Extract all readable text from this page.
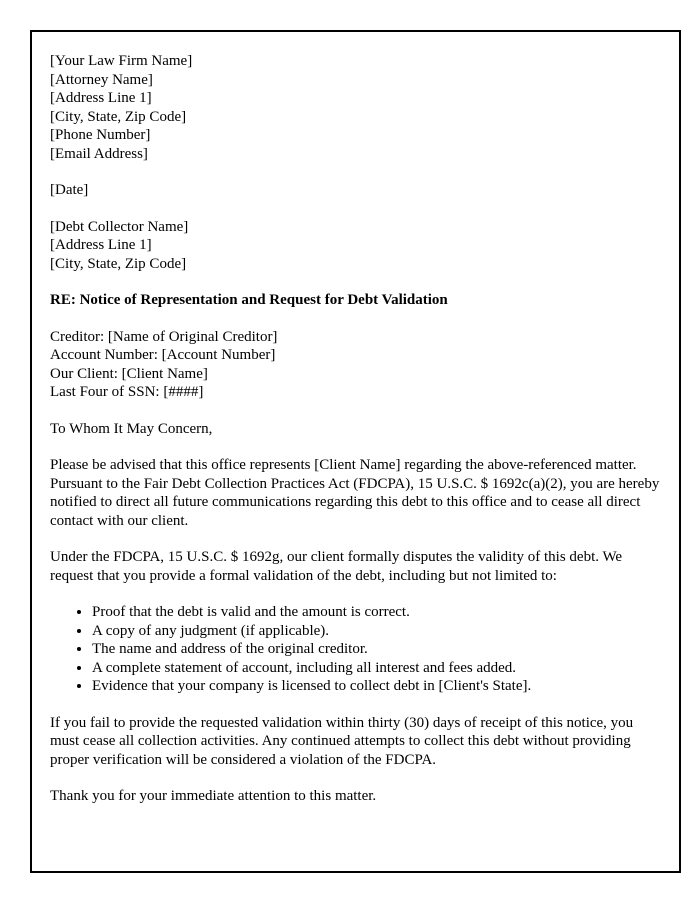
[Your Law Firm Name]
[Attorney Name]
[Address Line 1]
[City, State, Zip Code]
[Phone Number]
[Email Address]
[Date]
[Debt Collector Name]
[Address Line 1]
[City, State, Zip Code]
RE: Notice of Representation and Request for Debt Validation
Creditor: [Name of Original Creditor]
Account Number: [Account Number]
Our Client: [Client Name]
Last Four of SSN: [####]

To Whom It May Concern,

Please be advised that this office represents [Client Name] regarding the above-referenced matter. Pursuant to the Fair Debt Collection Practices Act (FDCPA), 15 U.S.C. $ 1692c(a)(2), you are hereby notified to direct all future communications regarding this debt to this office and to cease all direct contact with our client.

Under the FDCPA, 15 U.S.C. $ 1692g, our client formally disputes the validity of this debt. We request that you provide a formal validation of the debt, including but not limited to:

• Proof that the debt is valid and the amount is correct.
• A copy of any judgment (if applicable).
• The name and address of the original creditor.
• A complete statement of account, including all interest and fees added.
• Evidence that your company is licensed to collect debt in [Client's State].

If you fail to provide the requested validation within thirty (30) days of receipt of this notice, you must cease all collection activities. Any continued attempts to collect this debt without providing proper verification will be considered a violation of the FDCPA.

Thank you for your immediate attention to this matter.
